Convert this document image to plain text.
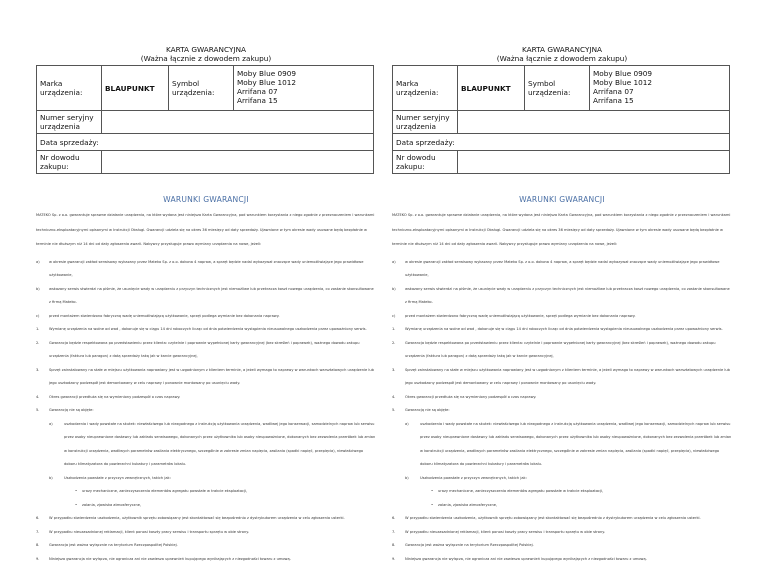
KARTA GWARANCYJNA
(Ważna łącznie z dowodem zakupu)
Marka urządzenia:	BLAUPUNKT	Symbol urządzenia:	Moby Blue 0909
Moby Blue 1012
Arrifana 07
Arrifana 15

Numer seryjny urządzenia			
Data sprzedaży:			
Nr dowodu zakupu:			
WARUNKI GWARANCJI
MATEKO Sp. z o.o. gwarantuje sprawne działanie urządzenia, na które wydana jest niniejsza Karta Gwarancyjna, pod warunkiem korzystania z niego zgodnie z przeznaczeniem i warunkami techniczno-eksploatacyjnymi opisanymi w Instrukcji Obsługi. Gwarancji udziela się na okres 36 miesięcy od daty sprzedaży. Ujawnione w tym okresie wady usuwane będą bezpłatnie w terminie nie dłuższym niż 14 dni od daty zgłoszenia awarii. Nabywcy przysługuje prawo wymiany urządzenia na nowe, jeżeli:
a)	w okresie gwarancji zakład serwisowy wykazany przez Mateko Sp. z o.o. dokona 4 napraw, a sprzęt będzie nadal wykazywał znaczące wady uniemożliwiające jego prawidłowe użytkowanie,
b)	wskazany serwis stwierdzi na piśmie, że usunięcie wady w urządzeniu z przyczyn technicznych jest niemożliwe lub przekracza koszt nowego urządzenia, co zostanie skonsultowane z firmą Mateko.
c)	przed montażem stwierdzono fabryczną wadę uniemożliwiającą użytkowanie, sprzęt podlega wymianie bez dokonania naprawy.
1.	Wymianę urządzenia na wolne od wad , dokonuje się w ciągu 14 dni roboczych licząc od dnia potwierdzenia wystąpienia nieusuwalnego uszkodzenia przez upoważniony serwis.
2.	Gwarancja będzie respektowana po przedstawieniu przez klienta: czytelnie i poprawnie wypełnionej karty gwarancyjnej (bez skreśleń i poprawek), ważnego dowodu zakupu urządzenia (faktura lub paragon) z datą sprzedaży taką jak w karcie gwarancyjnej,
3.	Sprzęt zainstalowany na stałe w miejscu użytkowania naprawiany jest w uzgodnionym z klientem terminie, a jeżeli wymaga to naprawy w warunkach warsztatowych urządzenie lub jego uszkodzony podzespół jest demontowany w celu naprawy i ponownie montowany po usunięciu wady.
4.	Okres gwarancji przedłuża się na wymieniony podzespół o czas naprawy.
5.	Gwarancją nie są objęte:
a)	uszkodzenia i wady powstałe na skutek: niewłaściwego lub niezgodnego z instrukcją użytkowania urządzenia, wadliwej jego konserwacji, samodzielnych napraw lub serwisu przez osoby nieuprawnione dostawcy lub zakładu serwisowego, dokonanych przez użytkownika lub osoby nieupoważnione, dokonanych bez zezwolenia przeróbek lub zmian w konstrukcji urządzenia, wadliwych parametrów zasilania elektrycznego, szczególnie w zakresie zmian napięcia, zasilania (spadki napięć, przepięcia), niewłaściwego doboru klimatyzatora do powierzchni kubatury i parametrów lokalu.
b)	Uszkodzenia powstałe z przyczyn zewnętrznych, takich jak:
• urazy mechaniczne, zanieczyszczenia elementów agregatu powstałe w trakcie eksploatacji,
• zalania, zjawiska atmosferyczne,
6.	W przypadku stwierdzenia uszkodzenia, użytkownik sprzętu zobowiązany jest skontaktować się bezpośrednio z dystrybutorem urządzenia w celu zgłoszenia usterki.
7.	W przypadku nieuzasadnionej reklamacji, klient ponosi koszty pracy serwisu i transportu sprzętu w obie strony.
8.	Gwarancja jest ważna wyłącznie na terytorium Rzeczpospolitej Polskiej.
9.	Niniejsza gwarancja nie wyłącza, nie ogranicza ani nie zawiesza uprawnień kupującego wynikających z niezgodności towaru z umową.
KARTA GWARANCYJNA
(Ważna łącznie z dowodem zakupu)
Marka urządzenia:	BLAUPUNKT	Symbol urządzenia:	Moby Blue 0909
Moby Blue 1012
Arrifana 07
Arrifana 15

Numer seryjny urządzenia			
Data sprzedaży:			
Nr dowodu zakupu:			
WARUNKI GWARANCJI
MATEKO Sp. z o.o. gwarantuje sprawne działanie urządzenia, na które wydana jest niniejsza Karta Gwarancyjna, pod warunkiem korzystania z niego zgodnie z przeznaczeniem i warunkami techniczno-eksploatacyjnymi opisanymi w Instrukcji Obsługi. Gwarancji udziela się na okres 36 miesięcy od daty sprzedaży. Ujawnione w tym okresie wady usuwane będą bezpłatnie w terminie nie dłuższym niż 14 dni od daty zgłoszenia awarii. Nabywcy przysługuje prawo wymiany urządzenia na nowe, jeżeli:
a)	w okresie gwarancji zakład serwisowy wykazany przez Mateko Sp. z o.o. dokona 4 napraw, a sprzęt będzie nadal wykazywał znaczące wady uniemożliwiające jego prawidłowe użytkowanie,
b)	wskazany serwis stwierdzi na piśmie, że usunięcie wady w urządzeniu z przyczyn technicznych jest niemożliwe lub przekracza koszt nowego urządzenia, co zostanie skonsultowane z firmą Mateko.
c)	przed montażem stwierdzono fabryczną wadę uniemożliwiającą użytkowanie, sprzęt podlega wymianie bez dokonania naprawy.
1.	Wymianę urządzenia na wolne od wad , dokonuje się w ciągu 14 dni roboczych licząc od dnia potwierdzenia wystąpienia nieusuwalnego uszkodzenia przez upoważniony serwis.
2.	Gwarancja będzie respektowana po przedstawieniu przez klienta: czytelnie i poprawnie wypełnionej karty gwarancyjnej (bez skreśleń i poprawek), ważnego dowodu zakupu urządzenia (faktura lub paragon) z datą sprzedaży taką jak w karcie gwarancyjnej,
3.	Sprzęt zainstalowany na stałe w miejscu użytkowania naprawiany jest w uzgodnionym z klientem terminie, a jeżeli wymaga to naprawy w warunkach warsztatowych urządzenie lub jego uszkodzony podzespół jest demontowany w celu naprawy i ponownie montowany po usunięciu wady.
4.	Okres gwarancji przedłuża się na wymieniony podzespół o czas naprawy.
5.	Gwarancją nie są objęte:
a)	uszkodzenia i wady powstałe na skutek: niewłaściwego lub niezgodnego z instrukcją użytkowania urządzenia, wadliwej jego konserwacji, samodzielnych napraw lub serwisu przez osoby nieuprawnione dostawcy lub zakładu serwisowego, dokonanych przez użytkownika lub osoby nieupoważnione, dokonanych bez zezwolenia przeróbek lub zmian w konstrukcji urządzenia, wadliwych parametrów zasilania elektrycznego, szczególnie w zakresie zmian napięcia, zasilania (spadki napięć, przepięcia), niewłaściwego doboru klimatyzatora do powierzchni kubatury i parametrów lokalu.
b)	Uszkodzenia powstałe z przyczyn zewnętrznych, takich jak:
• urazy mechaniczne, zanieczyszczenia elementów agregatu powstałe w trakcie eksploatacji,
• zalania, zjawiska atmosferyczne,
6.	W przypadku stwierdzenia uszkodzenia, użytkownik sprzętu zobowiązany jest skontaktować się bezpośrednio z dystrybutorem urządzenia w celu zgłoszenia usterki.
7.	W przypadku nieuzasadnionej reklamacji, klient ponosi koszty pracy serwisu i transportu sprzętu w obie strony.
8.	Gwarancja jest ważna wyłącznie na terytorium Rzeczpospolitej Polskiej.
9.	Niniejsza gwarancja nie wyłącza, nie ogranicza ani nie zawiesza uprawnień kupującego wynikających z niezgodności towaru z umową.
